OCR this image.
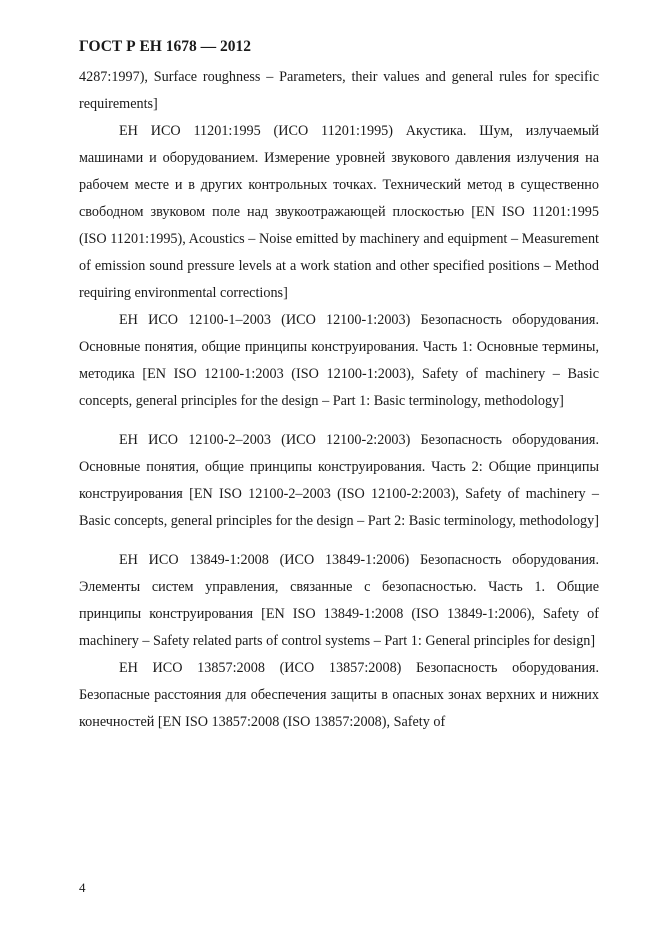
ГОСТ Р ЕН 1678 — 2012

4287:1997), Surface roughness – Parameters, their values and general rules for specific requirements]

ЕН ИСО 11201:1995 (ИСО 11201:1995) Акустика. Шум, излучаемый машинами и оборудованием. Измерение уровней звукового давления излучения на рабочем месте и в других контрольных точках. Технический метод в существенно свободном звуковом поле над звукоотражающей плоскостью [EN ISO 11201:1995 (ISO 11201:1995), Acoustics – Noise emitted by machinery and equipment – Measurement of emission sound pressure levels at a work station and other specified positions – Method requiring environmental corrections]

ЕН ИСО 12100-1–2003 (ИСО 12100-1:2003) Безопасность оборудования. Основные понятия, общие принципы конструирования. Часть 1: Основные термины, методика [EN ISO 12100-1:2003 (ISO 12100-1:2003), Safety of machinery – Basic concepts, general principles for the design – Part 1: Basic terminology, methodology]

ЕН ИСО 12100-2–2003 (ИСО 12100-2:2003) Безопасность оборудования. Основные понятия, общие принципы конструирования. Часть 2: Общие принципы конструирования [EN ISO 12100-2–2003 (ISO 12100-2:2003), Safety of machinery – Basic concepts, general principles for the design – Part 2: Basic terminology, methodology]

ЕН ИСО 13849-1:2008 (ИСО 13849-1:2006) Безопасность оборудования. Элементы систем управления, связанные с безопасностью. Часть 1. Общие принципы конструирования [EN ISO 13849-1:2008 (ISO 13849-1:2006), Safety of machinery – Safety related parts of control systems – Part 1: General principles for design]

ЕН ИСО 13857:2008 (ИСО 13857:2008) Безопасность оборудования. Безопасные расстояния для обеспечения защиты в опасных зонах верхних и нижних конечностей [EN ISO 13857:2008 (ISO 13857:2008), Safety of

4
